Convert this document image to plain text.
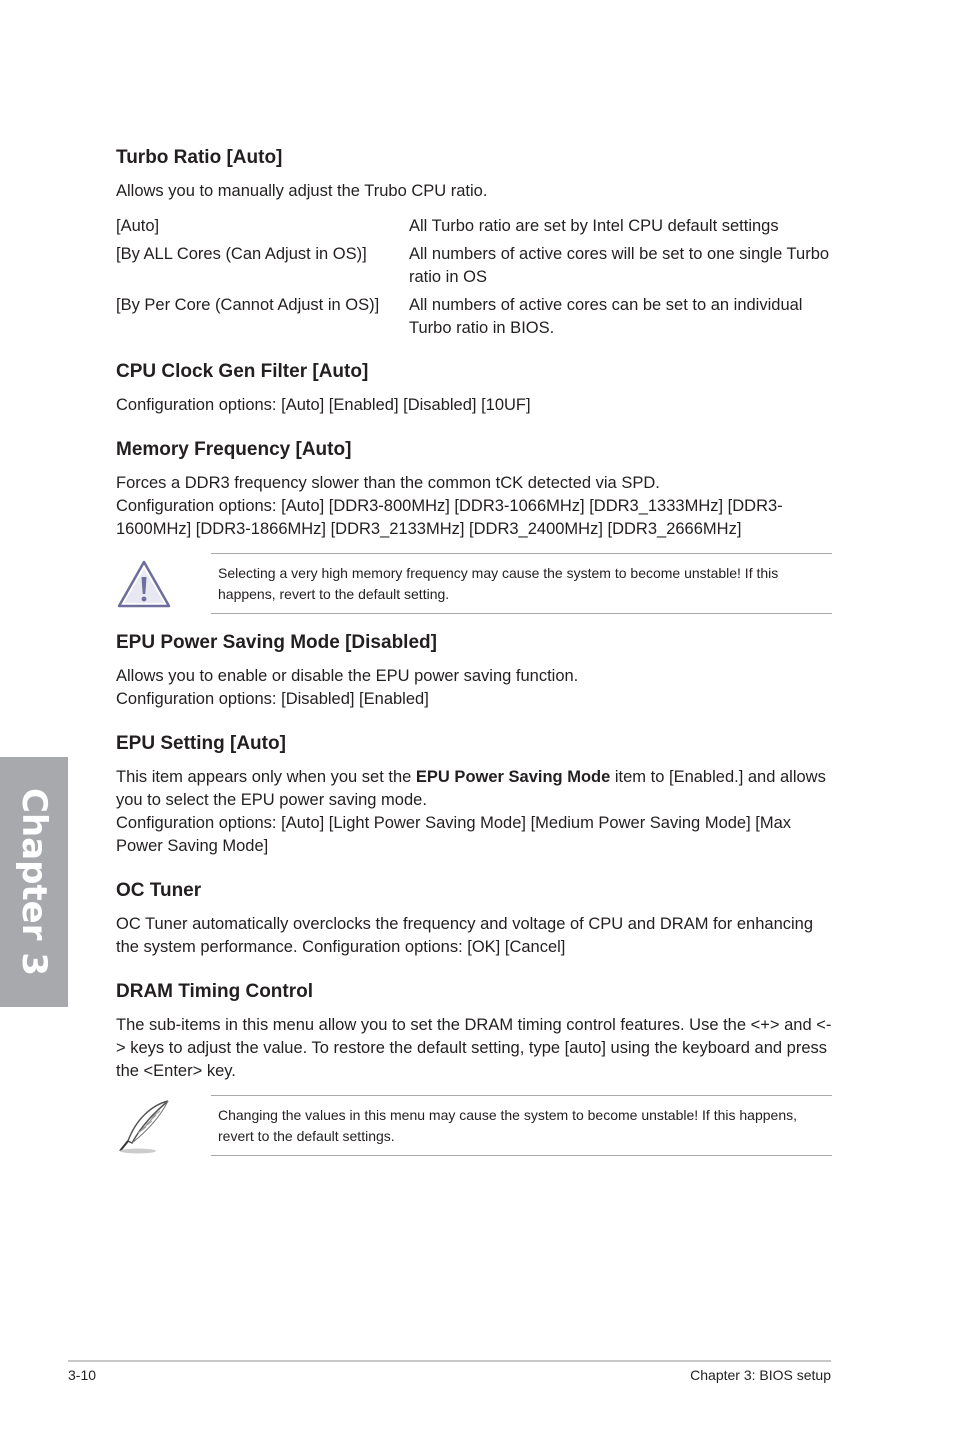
Chapter 3
Turbo Ratio [Auto]

Allows you to manually adjust the Trubo CPU ratio.

[Auto]	All Turbo ratio are set by Intel CPU default settings
[By ALL Cores (Can Adjust in OS)]	All numbers of active cores will be set to one single Turbo ratio in OS
[By Per Core (Cannot Adjust in OS)]	All numbers of active cores can be set to an individual Turbo ratio in BIOS.
CPU Clock Gen Filter [Auto]

Configuration options: [Auto] [Enabled] [Disabled] [10UF]

Memory Frequency [Auto]

Forces a DDR3 frequency slower than the common tCK detected via SPD.

Configuration options: [Auto] [DDR3-800MHz] [DDR3-1066MHz] [DDR3_1333MHz] [DDR3-1600MHz] [DDR3-1866MHz] [DDR3_2133MHz] [DDR3_2400MHz] [DDR3_2666MHz]

Selecting a very high memory frequency may cause the system to become unstable! If this happens, revert to the default setting.
EPU Power Saving Mode [Disabled]

Allows you to enable or disable the EPU power saving function.

Configuration options: [Disabled] [Enabled]

EPU Setting [Auto]

This item appears only when you set the EPU Power Saving Mode item to [Enabled.] and allows you to select the EPU power saving mode.

Configuration options: [Auto] [Light Power Saving Mode] [Medium Power Saving Mode] [Max Power Saving Mode]

OC Tuner

OC Tuner automatically overclocks the frequency and voltage of CPU and DRAM for enhancing the system performance. Configuration options: [OK] [Cancel]

DRAM Timing Control

The sub-items in this menu allow you to set the DRAM timing control features. Use the <+> and <-> keys to adjust the value. To restore the default setting, type [auto] using the keyboard and press the <Enter> key.

Changing the values in this menu may cause the system to become unstable! If this happens, revert to the default settings.
3-10	Chapter 3: BIOS setup
